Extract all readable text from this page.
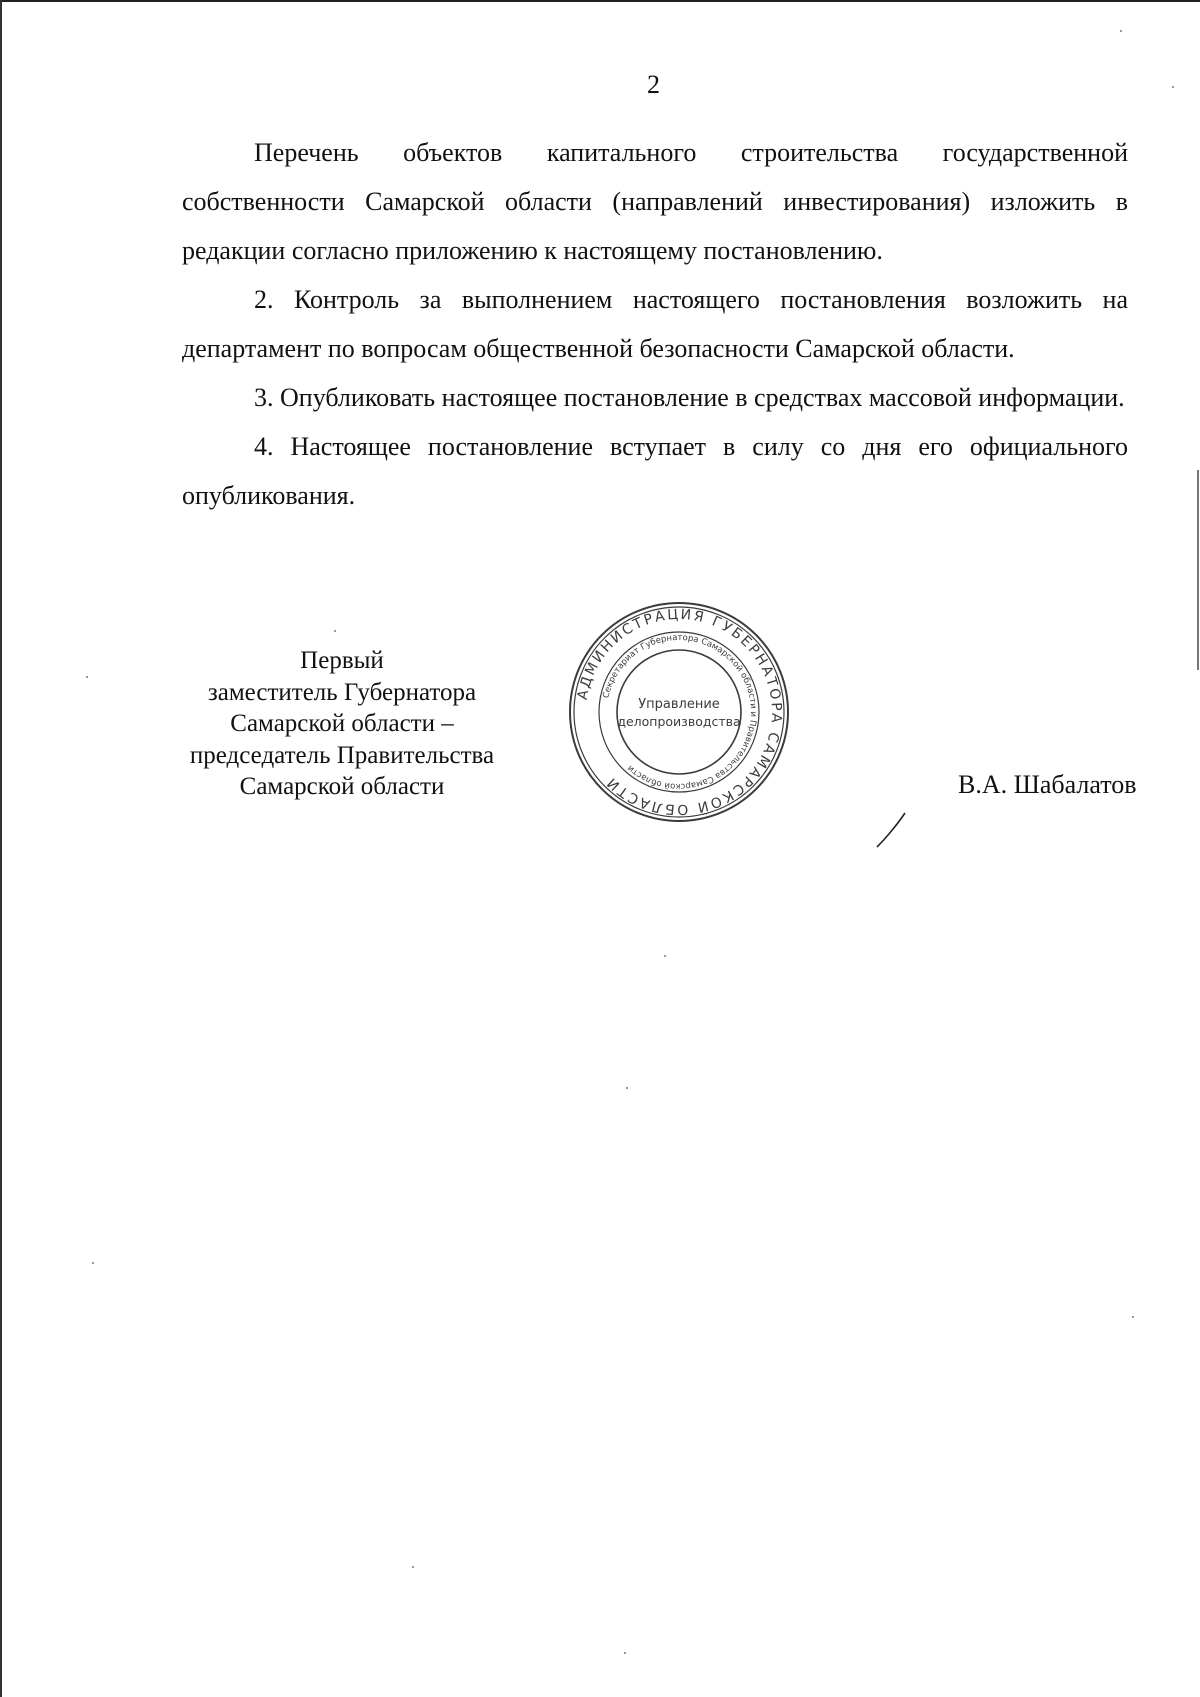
2

Перечень объектов капитального строительства государственной собственности Самарской области (направлений инвестирования) изложить в редакции согласно приложению к настоящему постановлению.

2. Контроль за выполнением настоящего постановления возложить на департамент по вопросам общественной безопасности Самарской области.

3. Опубликовать настоящее постановление в средствах массовой информации.

4. Настоящее постановление вступает в силу со дня его официального опубликования.

Первый
заместитель Губернатора
Самарской области –
председатель Правительства
Самарской области
АДМИНИСТРАЦИЯ ГУБЕРНАТОРА САМАРСКОЙ ОБЛАСТИ
Секретариат Губернатора Самарской области и Правительства Самарской области
Управление
делопроизводства
В.А. Шабалатов
